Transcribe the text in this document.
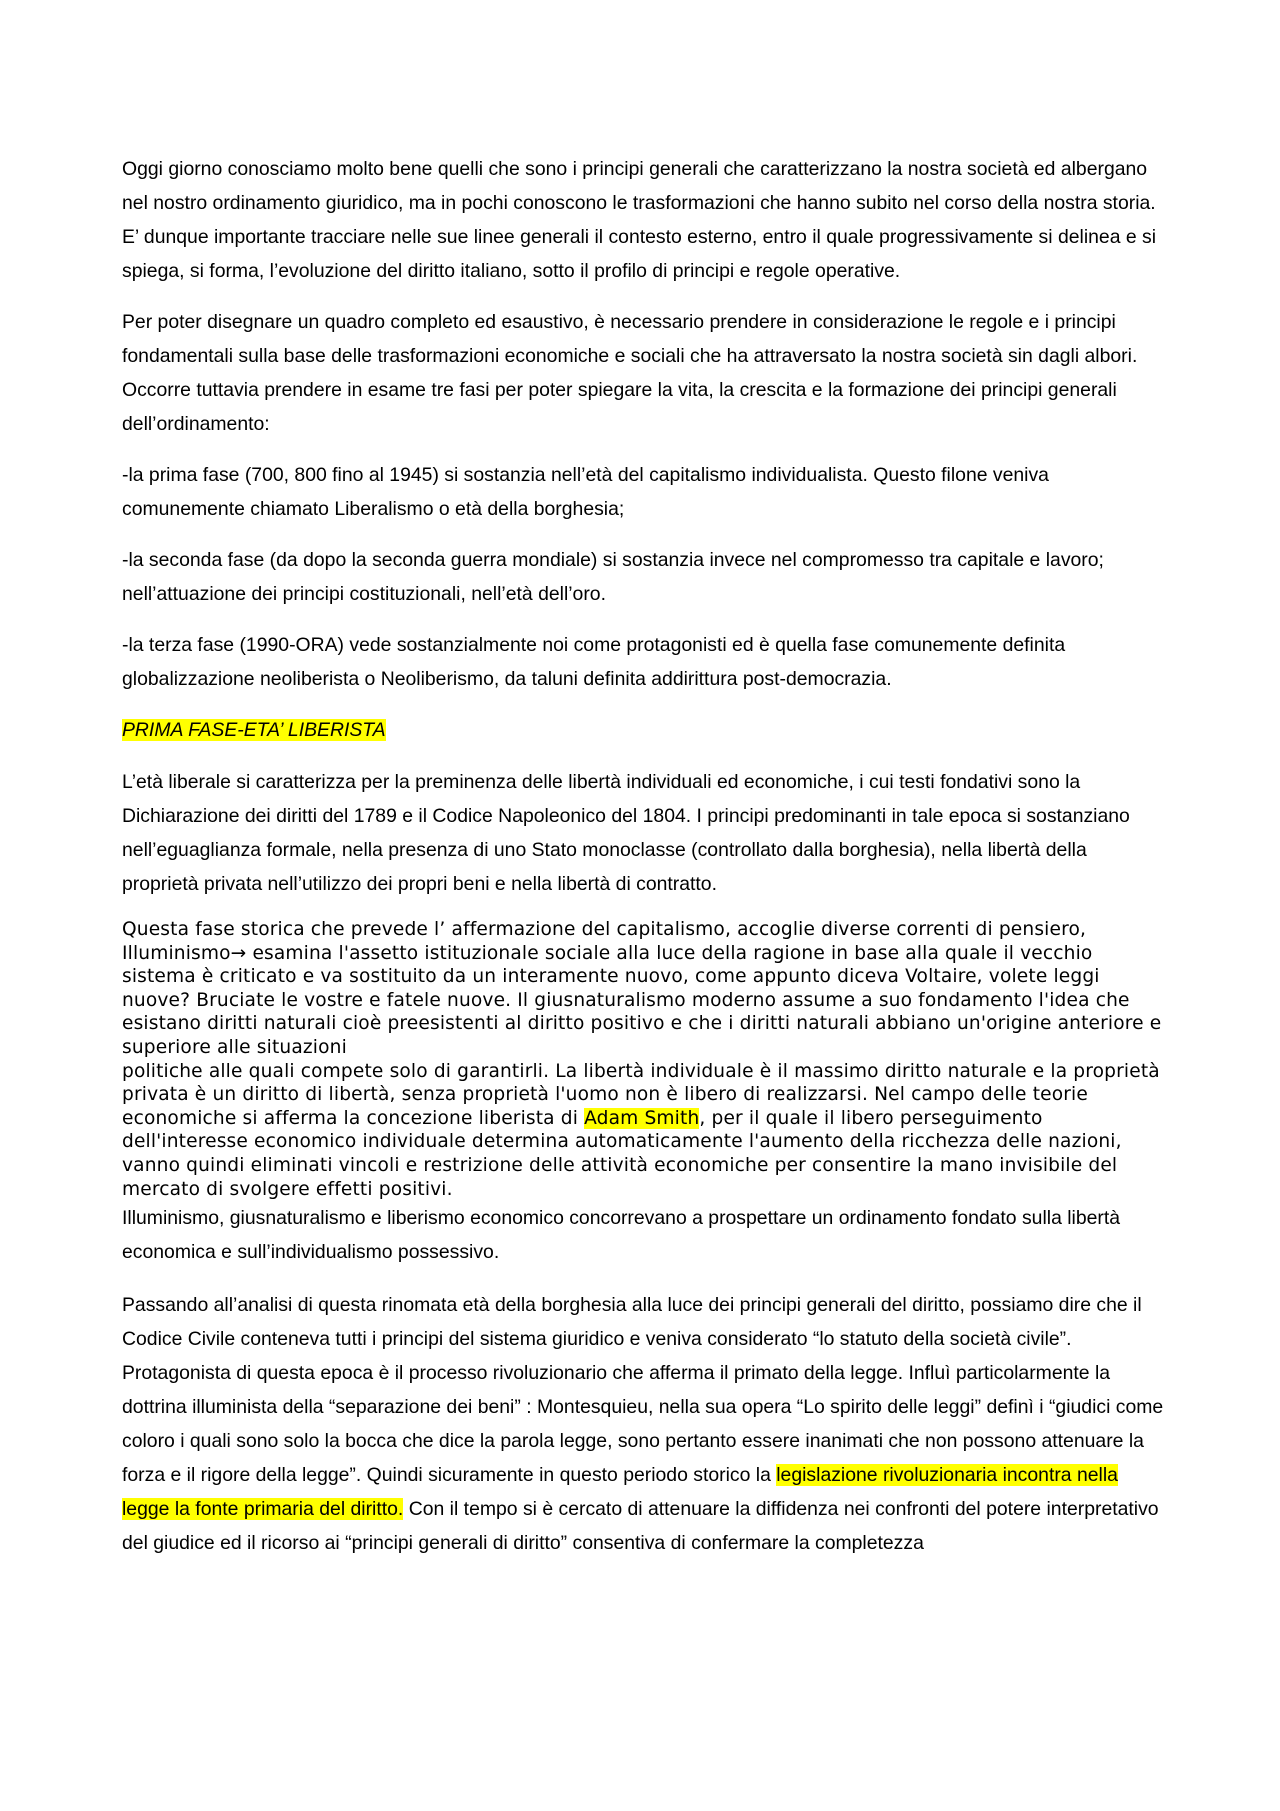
Oggi giorno conosciamo molto bene quelli che sono i principi generali che caratterizzano la nostra società ed albergano nel nostro ordinamento giuridico, ma in pochi conoscono le trasformazioni che hanno subito nel corso della nostra storia. E’ dunque importante tracciare nelle sue linee generali il contesto esterno, entro il quale progressivamente si delinea e si spiega, si forma, l’evoluzione del diritto italiano, sotto il profilo di principi e regole operative.

Per poter disegnare un quadro completo ed esaustivo, è necessario prendere in considerazione le regole e i principi fondamentali sulla base delle trasformazioni economiche e sociali che ha attraversato la nostra società sin dagli albori. Occorre tuttavia prendere in esame tre fasi per poter spiegare la vita, la crescita e la formazione dei principi generali dell’ordinamento:

-la prima fase (700, 800 fino al 1945) si sostanzia nell’età del capitalismo individualista. Questo filone veniva comunemente chiamato Liberalismo o età della borghesia;

-la seconda fase (da dopo la seconda guerra mondiale) si sostanzia invece nel compromesso tra capitale e lavoro; nell’attuazione dei principi costituzionali, nell’età dell’oro.

-la terza fase (1990-ORA) vede sostanzialmente noi come protagonisti ed è quella fase comunemente definita globalizzazione neoliberista o Neoliberismo, da taluni definita addirittura post-democrazia.

PRIMA FASE-ETA’ LIBERISTA

L’età liberale si caratterizza per la preminenza delle libertà individuali ed economiche, i cui testi fondativi sono la Dichiarazione dei diritti del 1789 e il Codice Napoleonico del 1804. I principi predominanti in tale epoca si sostanziano nell’eguaglianza formale, nella presenza di uno Stato monoclasse (controllato dalla borghesia), nella libertà della proprietà privata nell’utilizzo dei propri beni e nella libertà di contratto.

Questa fase storica che prevede l’ affermazione del capitalismo, accoglie diverse correnti di pensiero, Illuminismo→ esamina l'assetto istituzionale sociale alla luce della ragione in base alla quale il vecchio sistema è criticato e va sostituito da un interamente nuovo, come appunto diceva Voltaire, volete leggi nuove? Bruciate le vostre e fatele nuove. Il giusnaturalismo moderno assume a suo fondamento l'idea che esistano diritti naturali cioè preesistenti al diritto positivo e che i diritti naturali abbiano un'origine anteriore e superiore alle situazioni
politiche alle quali compete solo di garantirli. La libertà individuale è il massimo diritto naturale e la proprietà privata è un diritto di libertà, senza proprietà l'uomo non è libero di realizzarsi. Nel campo delle teorie economiche si afferma la concezione liberista di Adam Smith, per il quale il libero perseguimento dell'interesse economico individuale determina automaticamente l'aumento della ricchezza delle nazioni, vanno quindi eliminati vincoli e restrizione delle attività economiche per consentire la mano invisibile del mercato di svolgere effetti positivi.

Illuminismo, giusnaturalismo e liberismo economico concorrevano a prospettare un ordinamento fondato sulla libertà economica e sull’individualismo possessivo.

Passando all’analisi di questa rinomata età della borghesia alla luce dei principi generali del diritto, possiamo dire che il Codice Civile conteneva tutti i principi del sistema giuridico e veniva considerato “lo statuto della società civile”. Protagonista di questa epoca è il processo rivoluzionario che afferma il primato della legge. Influì particolarmente la dottrina illuminista della “separazione dei beni” : Montesquieu, nella sua opera “Lo spirito delle leggi” definì i “giudici come coloro i quali sono solo la bocca che dice la parola legge, sono pertanto essere inanimati che non possono attenuare la forza e il rigore della legge”. Quindi sicuramente in questo periodo storico la legislazione rivoluzionaria incontra nella legge la fonte primaria del diritto. Con il tempo si è cercato di attenuare la diffidenza nei confronti del potere interpretativo del giudice ed il ricorso ai “principi generali di diritto” consentiva di confermare la completezza
